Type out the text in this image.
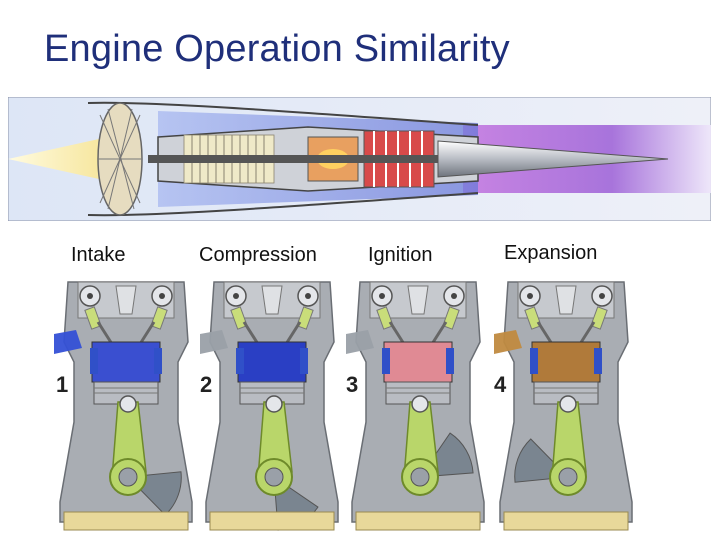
Engine Operation Similarity
Intake	Compression	Ignition	Expansion
1	2	3	4
